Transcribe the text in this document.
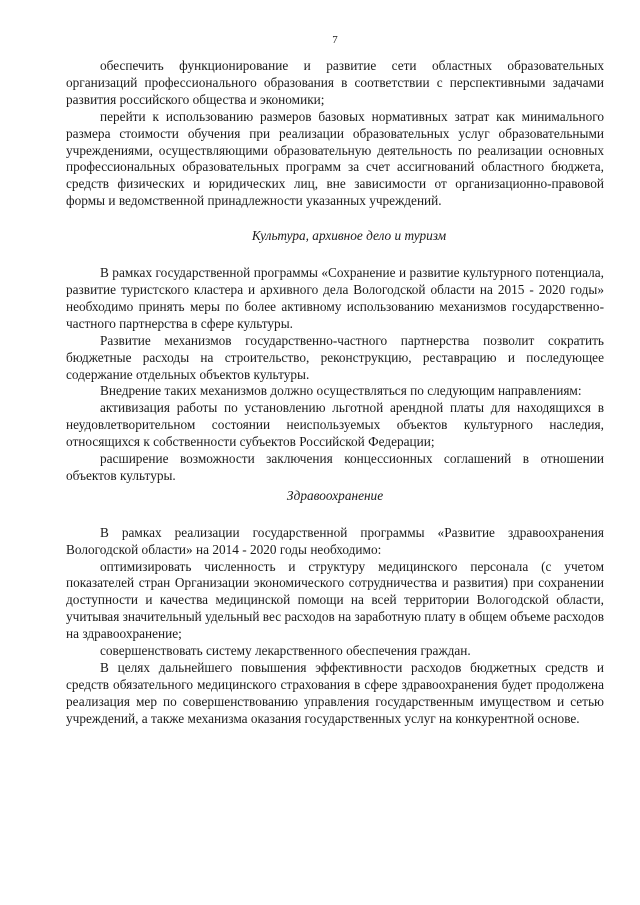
7

обеспечить функционирование и развитие сети областных образовательных организаций профессионального образования в соответствии с перспективными задачами развития российского общества и экономики;

перейти к использованию размеров базовых нормативных затрат как минимального размера стоимости обучения при реализации образовательных услуг образовательными учреждениями, осуществляющими образовательную деятельность по реализации основных профессиональных образовательных программ за счет ассигнований областного бюджета, средств физических и юридических лиц, вне зависимости от организационно-правовой формы и ведомственной принадлежности указанных учреждений.

Культура, архивное дело и туризм

В рамках государственной программы «Сохранение и развитие культурного потенциала, развитие туристского кластера и архивного дела Вологодской области на 2015 - 2020 годы» необходимо принять меры по более активному использованию механизмов государственно-частного партнерства в сфере культуры.

Развитие механизмов государственно-частного партнерства позволит сократить бюджетные расходы на строительство, реконструкцию, реставрацию и последующее содержание отдельных объектов культуры.

Внедрение таких механизмов должно осуществляться по следующим направлениям:

активизация работы по установлению льготной арендной платы для находящихся в неудовлетворительном состоянии неиспользуемых объектов культурного наследия, относящихся к собственности субъектов Российской Федерации;

расширение возможности заключения концессионных соглашений в отношении объектов культуры.

Здравоохранение

В рамках реализации государственной программы «Развитие здравоохранения Вологодской области» на 2014 - 2020 годы необходимо:

оптимизировать численность и структуру медицинского персонала (с учетом показателей стран Организации экономического сотрудничества и развития) при сохранении доступности и качества медицинской помощи на всей территории Вологодской области, учитывая значительный удельный вес расходов на заработную плату в общем объеме расходов на здравоохранение;

совершенствовать систему лекарственного обеспечения граждан.

В целях дальнейшего повышения эффективности расходов бюджетных средств и средств обязательного медицинского страхования в сфере здравоохранения будет продолжена реализация мер по совершенствованию управления государственным имуществом и сетью учреждений, а также механизма оказания государственных услуг на конкурентной основе.
